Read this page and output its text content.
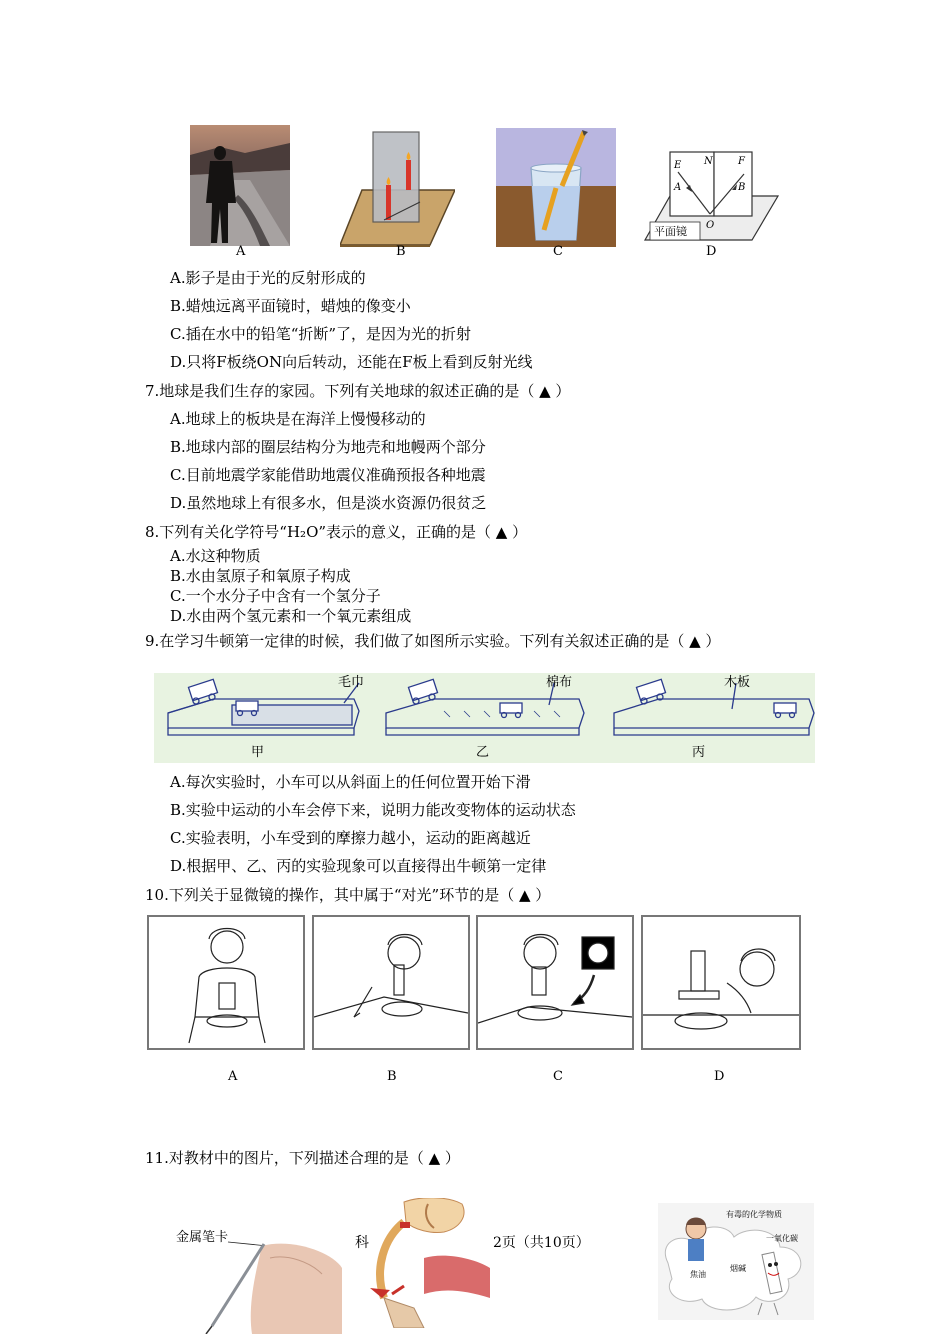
A	B	C
E N	F
A	B
O
平面镜
D
A.影子是由于光的反射形成的
B.蜡烛远离平面镜时，蜡烛的像变小
C.插在水中的铅笔“折断”了，是因为光的折射
D.只将F板绕ON向后转动，还能在F板上看到反射光线
7.地球是我们生存的家园。下列有关地球的叙述正确的是（ ▲ ）
A.地球上的板块是在海洋上慢慢移动的
B.地球内部的圈层结构分为地壳和地幔两个部分
C.目前地震学家能借助地震仪准确预报各种地震
D.虽然地球上有很多水，但是淡水资源仍很贫乏
8.下列有关化学符号“H₂O”表示的意义，正确的是（ ▲ ）
A.水这种物质
B.水由氢原子和氧原子构成
C.一个水分子中含有一个氢分子
D.水由两个氢元素和一个氧元素组成
9.在学习牛顿第一定律的时候，我们做了如图所示实验。下列有关叙述正确的是（ ▲ ）
毛巾	棉布	木板
甲	乙	丙
A.每次实验时，小车可以从斜面上的任何位置开始下滑
B.实验中运动的小车会停下来，说明力能改变物体的运动状态
C.实验表明，小车受到的摩擦力越小，运动的距离越近
D.根据甲、乙、丙的实验现象可以直接得出牛顿第一定律
10.下列关于显微镜的操作，其中属于“对光”环节的是（ ▲ ）
A	B	C	D
11.对教材中的图片，下列描述合理的是（ ▲ ）
金属笔卡	科	2页（共10页）
有毒的化学物质
一氧化碳
焦油
烟碱
